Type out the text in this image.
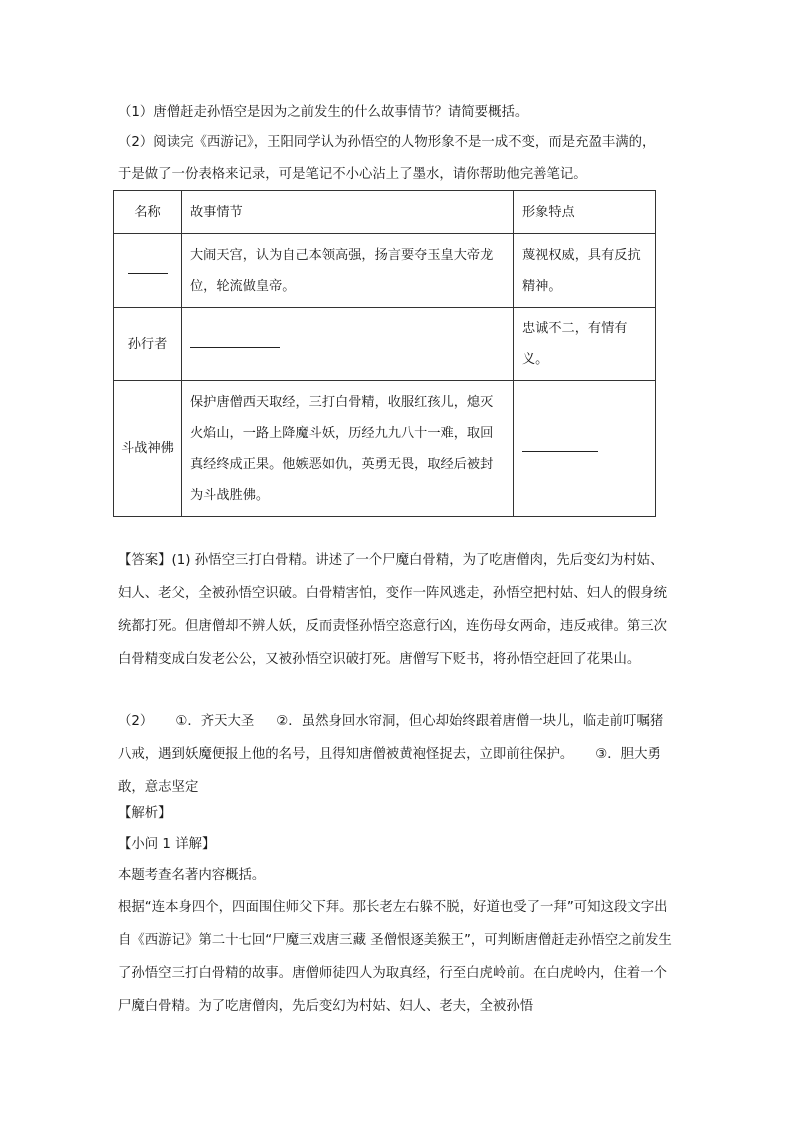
（1）唐僧赶走孙悟空是因为之前发生的什么故事情节？请简要概括。
（2）阅读完《西游记》，王阳同学认为孙悟空的人物形象不是一成不变，而是充盈丰满的，
于是做了一份表格来记录，可是笔记不小心沾上了墨水，请你帮助他完善笔记。
名称	故事情节	形象特点

	大闹天宫，认为自己本领高强，扬言要夺玉皇大帝龙位，轮流做皇帝。	蔑视权威，具有反抗精神。

孙行者		忠诚不二，有情有义。

斗战神佛	保护唐僧西天取经，三打白骨精，收服红孩儿，熄灭火焰山，一路上降魔斗妖，历经九九八十一难，取回真经终成正果。他嫉恶如仇，英勇无畏，取经后被封为斗战胜佛。	

【答案】(1) 孙悟空三打白骨精。讲述了一个尸魔白骨精，为了吃唐僧肉，先后变幻为村姑、妇人、老父，全被孙悟空识破。白骨精害怕，变作一阵风逃走，孙悟空把村姑、妇人的假身统统都打死。但唐僧却不辨人妖，反而责怪孙悟空恣意行凶，连伤母女两命，违反戒律。第三次白骨精变成白发老公公，又被孙悟空识破打死。唐僧写下贬书，将孙悟空赶回了花果山。
（2） ①．齐天大圣 ②．虽然身回水帘洞，但心却始终跟着唐僧一块儿，临走前叮嘱猪八戒，遇到妖魔便报上他的名号，且得知唐僧被黄袍怪捉去，立即前往保护。 ③．胆大勇敢，意志坚定
【解析】
【小问 1 详解】
本题考查名著内容概括。
根据“连本身四个，四面围住师父下拜。那长老左右躲不脱，好道也受了一拜”可知这段文字出自《西游记》第二十七回“尸魔三戏唐三藏 圣僧恨逐美猴王”，可判断唐僧赶走孙悟空之前发生了孙悟空三打白骨精的故事。唐僧师徒四人为取真经，行至白虎岭前。在白虎岭内，住着一个尸魔白骨精。为了吃唐僧肉，先后变幻为村姑、妇人、老夫，全被孙悟
